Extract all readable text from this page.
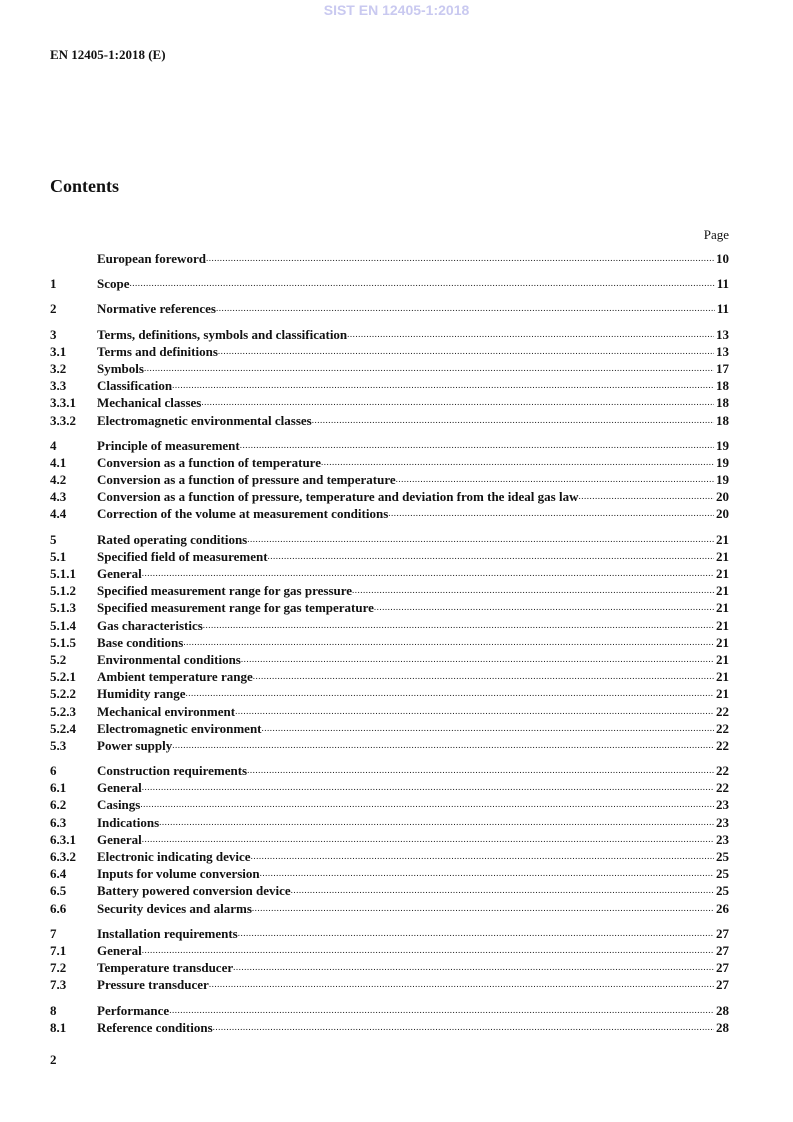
SIST EN 12405-1:2018
EN 12405-1:2018 (E)
Contents
Page
European foreword .....	10
1	Scope .....	11
2	Normative references .....	11
3	Terms, definitions, symbols and classification .....	13
3.1	Terms and definitions .....	13
3.2	Symbols .....	17
3.3	Classification .....	18
3.3.1	Mechanical classes .....	18
3.3.2	Electromagnetic environmental classes .....	18
4	Principle of measurement .....	19
4.1	Conversion as a function of temperature .....	19
4.2	Conversion as a function of pressure and temperature .....	19
4.3	Conversion as a function of pressure, temperature and deviation from the ideal gas law .....	20
4.4	Correction of the volume at measurement conditions .....	20
5	Rated operating conditions .....	21
5.1	Specified field of measurement .....	21
5.1.1	General .....	21
5.1.2	Specified measurement range for gas pressure .....	21
5.1.3	Specified measurement range for gas temperature .....	21
5.1.4	Gas characteristics .....	21
5.1.5	Base conditions .....	21
5.2	Environmental conditions .....	21
5.2.1	Ambient temperature range .....	21
5.2.2	Humidity range .....	21
5.2.3	Mechanical environment .....	22
5.2.4	Electromagnetic environment .....	22
5.3	Power supply .....	22
6	Construction requirements .....	22
6.1	General .....	22
6.2	Casings .....	23
6.3	Indications .....	23
6.3.1	General .....	23
6.3.2	Electronic indicating device .....	25
6.4	Inputs for volume conversion .....	25
6.5	Battery powered conversion device .....	25
6.6	Security devices and alarms .....	26
7	Installation requirements .....	27
7.1	General .....	27
7.2	Temperature transducer .....	27
7.3	Pressure transducer .....	27
8	Performance .....	28
8.1	Reference conditions .....	28
2
